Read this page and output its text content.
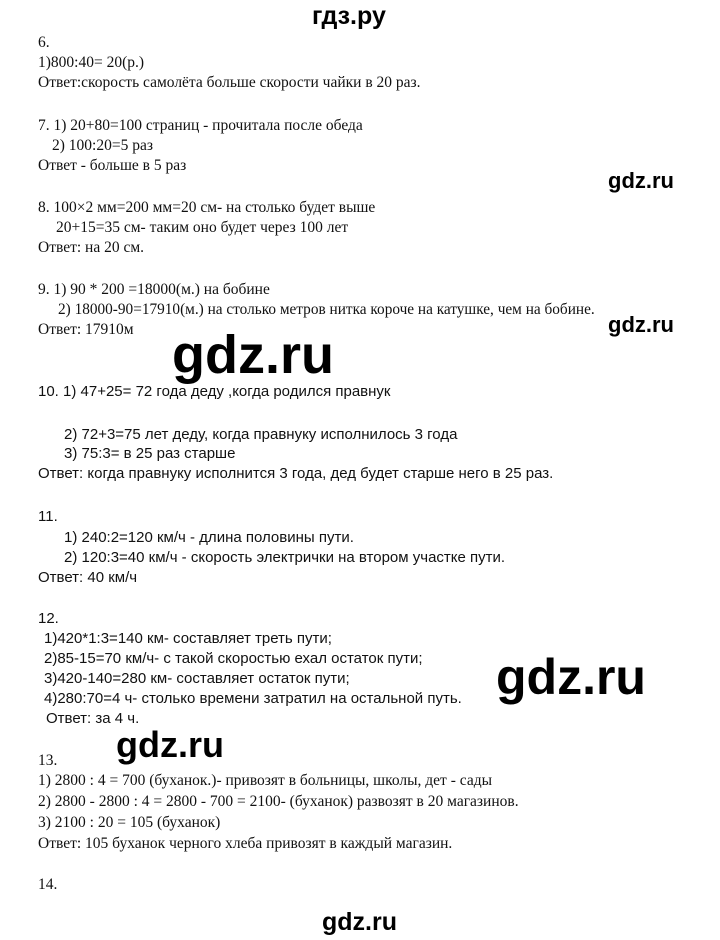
гдз.ру
gdz.ru
gdz.ru
gdz.ru
gdz.ru
gdz.ru
gdz.ru
6.
1)800:40= 20(р.)
Ответ:скорость самолёта больше скорости чайки в 20 раз.
7. 1) 20+80=100 страниц - прочитала после обеда
2) 100:20=5 раз
Ответ - больше в 5 раз
8. 100×2 мм=200 мм=20 см- на столько будет выше
20+15=35 см- таким оно будет через 100 лет
Ответ: на 20 см.
9. 1) 90 * 200 =18000(м.) на бобине
2) 18000-90=17910(м.) на столько метров нитка короче на катушке, чем на бобине.
Ответ: 17910м
10. 1) 47+25= 72 года деду ,когда родился правнук
2) 72+3=75 лет деду, когда правнуку исполнилось 3 года
3) 75:3= в 25 раз старше
Ответ: когда правнуку исполнится 3 года, дед будет старше него в 25 раз.
11.
1) 240:2=120 км/ч - длина половины пути.
2) 120:3=40 км/ч - скорость электрички на втором участке пути.
Ответ: 40 км/ч
12.
1)420*1:3=140 км- составляет треть пути;
2)85-15=70 км/ч- с такой скоростью ехал остаток пути;
3)420-140=280 км- составляет остаток пути;
4)280:70=4 ч- столько времени затратил на остальной путь.
Ответ: за 4 ч.
13.
1) 2800 : 4 = 700 (буханок.)- привозят в больницы, школы, дет - сады
2) 2800 - 2800 : 4 = 2800 - 700 = 2100- (буханок) развозят в 20 магазинов.
3) 2100 : 20 = 105 (буханок)
Ответ: 105 буханок черного хлеба привозят в каждый магазин.
14.
